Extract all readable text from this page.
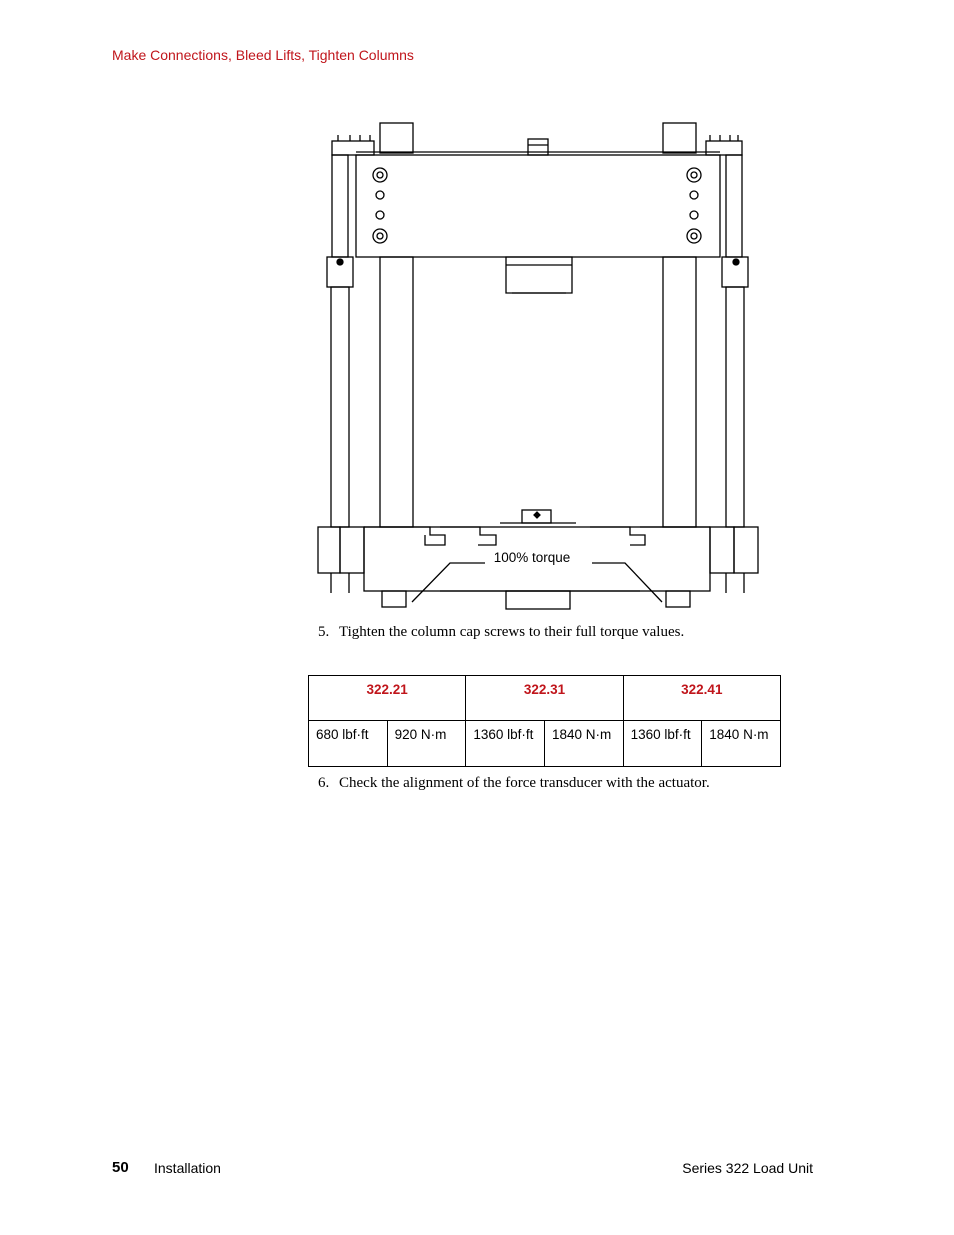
Make Connections, Bleed Lifts, Tighten Columns
100% torque
5. Tighten the column cap screws to their full torque values.
322.21		322.31		322.41	
680 lbf·ft	920 N·m	1360 lbf·ft	1840 N·m	1360 lbf·ft	1840 N·m
6. Check the alignment of the force transducer with the actuator.
50 Installation	Series 322 Load Unit
